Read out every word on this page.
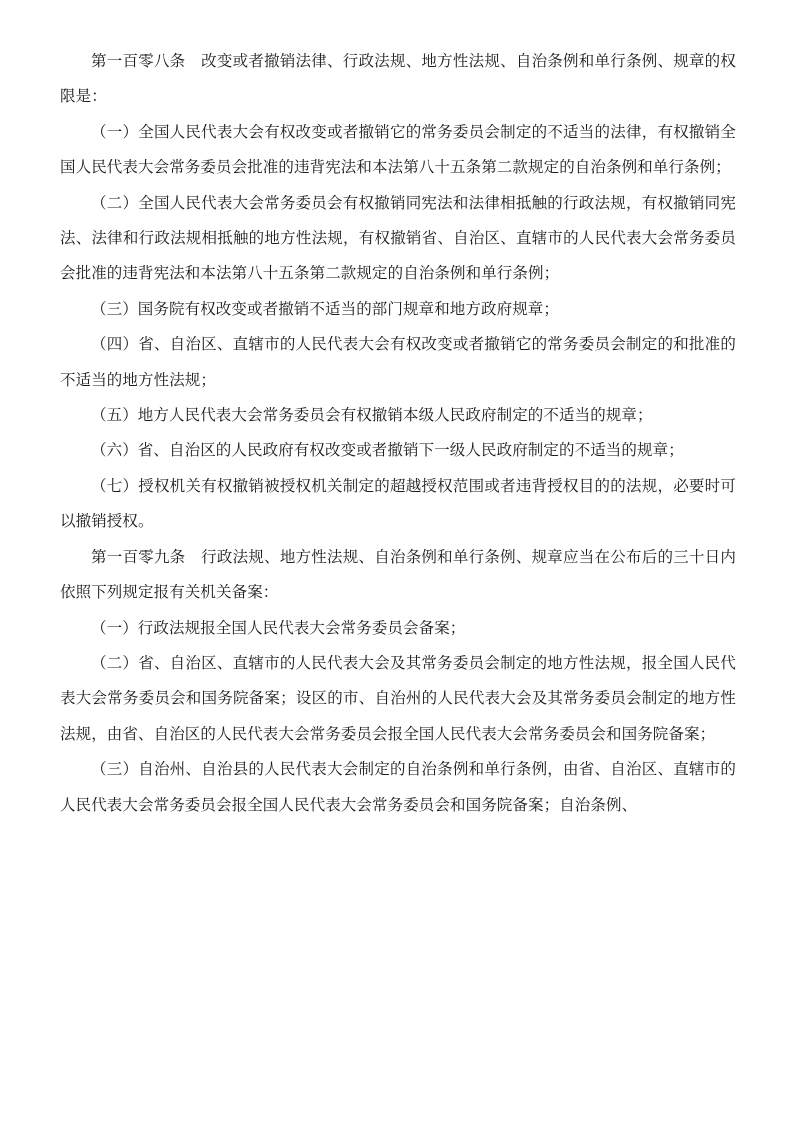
第一百零八条　改变或者撤销法律、行政法规、地方性法规、自治条例和单行条例、规章的权限是：

（一）全国人民代表大会有权改变或者撤销它的常务委员会制定的不适当的法律，有权撤销全国人民代表大会常务委员会批准的违背宪法和本法第八十五条第二款规定的自治条例和单行条例；

（二）全国人民代表大会常务委员会有权撤销同宪法和法律相抵触的行政法规，有权撤销同宪法、法律和行政法规相抵触的地方性法规，有权撤销省、自治区、直辖市的人民代表大会常务委员会批准的违背宪法和本法第八十五条第二款规定的自治条例和单行条例；

（三）国务院有权改变或者撤销不适当的部门规章和地方政府规章；

（四）省、自治区、直辖市的人民代表大会有权改变或者撤销它的常务委员会制定的和批准的不适当的地方性法规；

（五）地方人民代表大会常务委员会有权撤销本级人民政府制定的不适当的规章；

（六）省、自治区的人民政府有权改变或者撤销下一级人民政府制定的不适当的规章；

（七）授权机关有权撤销被授权机关制定的超越授权范围或者违背授权目的的法规，必要时可以撤销授权。

第一百零九条　行政法规、地方性法规、自治条例和单行条例、规章应当在公布后的三十日内依照下列规定报有关机关备案：

（一）行政法规报全国人民代表大会常务委员会备案；

（二）省、自治区、直辖市的人民代表大会及其常务委员会制定的地方性法规，报全国人民代表大会常务委员会和国务院备案；设区的市、自治州的人民代表大会及其常务委员会制定的地方性法规，由省、自治区的人民代表大会常务委员会报全国人民代表大会常务委员会和国务院备案；

（三）自治州、自治县的人民代表大会制定的自治条例和单行条例，由省、自治区、直辖市的人民代表大会常务委员会报全国人民代表大会常务委员会和国务院备案；自治条例、
